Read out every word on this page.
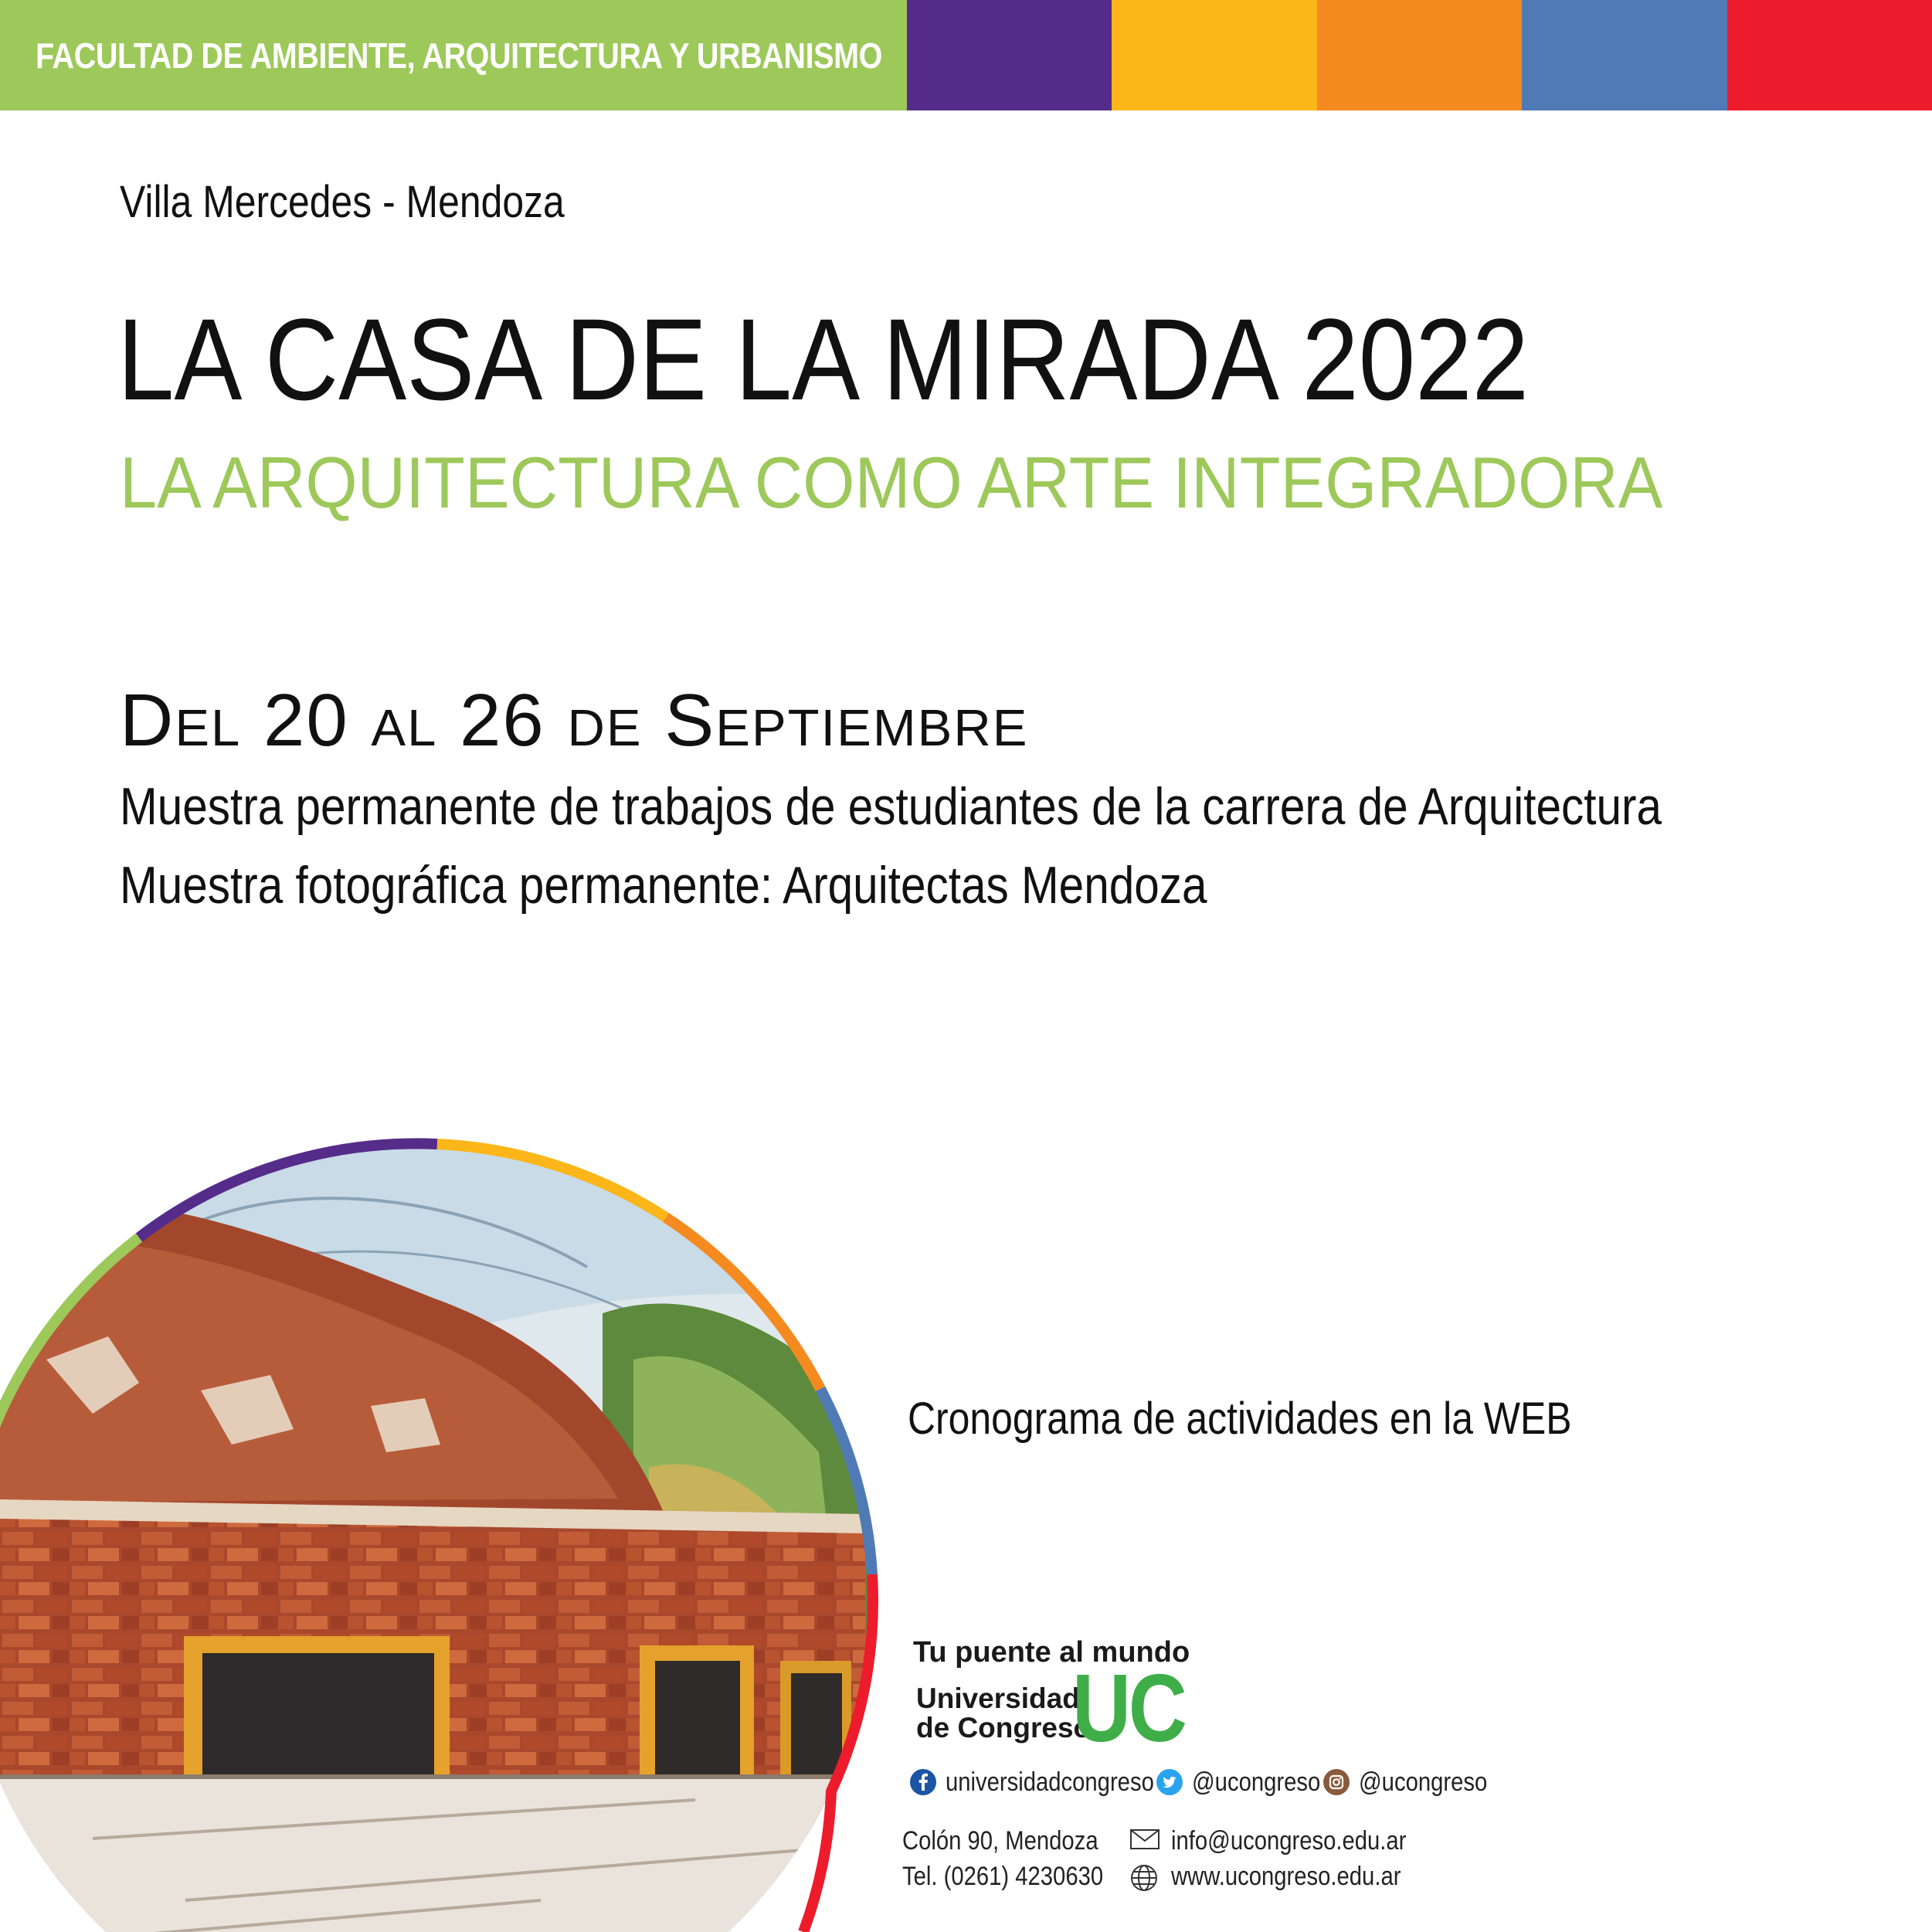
FACULTAD DE AMBIENTE, ARQUITECTURA Y URBANISMO
Villa Mercedes - Mendoza
LA CASA DE LA MIRADA 2022
LA ARQUITECTURA COMO ARTE INTEGRADORA
Del 20 al 26 de Septiembre
Muestra permanente de trabajos de estudiantes de la carrera de Arquitectura
Muestra fotográfica permanente: Arquitectas Mendoza
Cronograma de actividades en la WEB
Tu puente al mundo
Universidad
de Congreso
UC
universidadcongreso @ucongreso @ucongreso
Colón 90, Mendoza
Tel. (0261) 4230630
info@ucongreso.edu.ar
www.ucongreso.edu.ar
